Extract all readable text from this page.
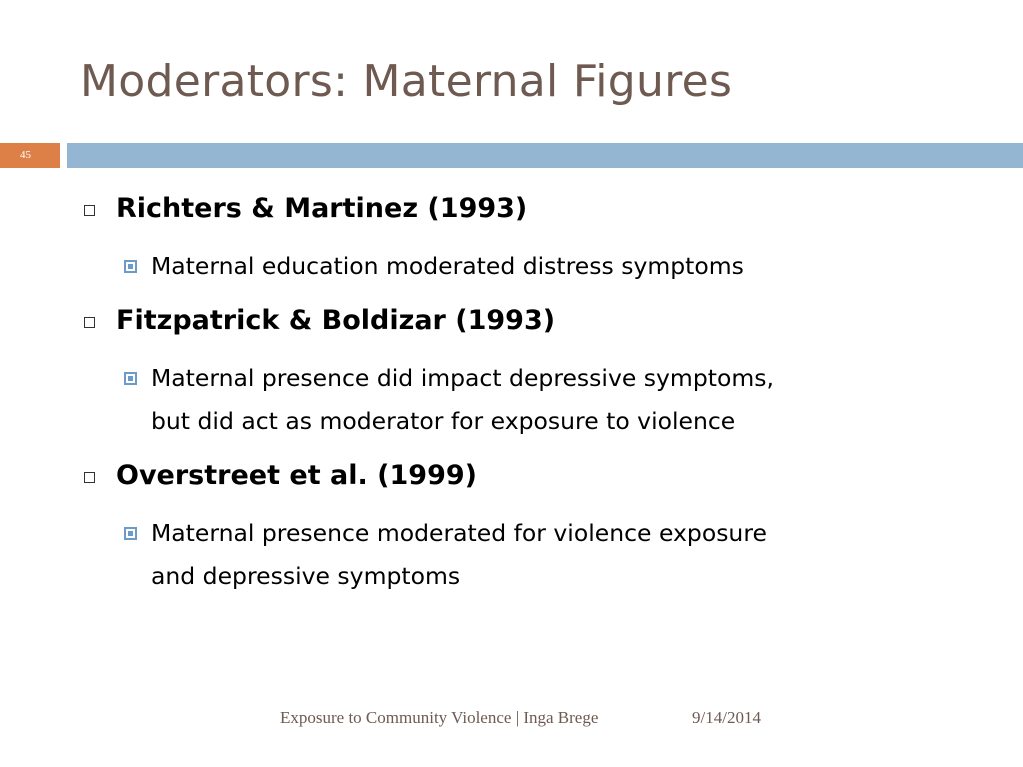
Moderators: Maternal Figures
45
Richters & Martinez (1993)
Maternal education moderated distress symptoms
Fitzpatrick & Boldizar (1993)
Maternal presence did impact depressive symptoms,
but did act as moderator for exposure to violence
Overstreet et al. (1999)
Maternal presence moderated for violence exposure
and depressive symptoms
Exposure to Community Violence | Inga Brege	9/14/2014
